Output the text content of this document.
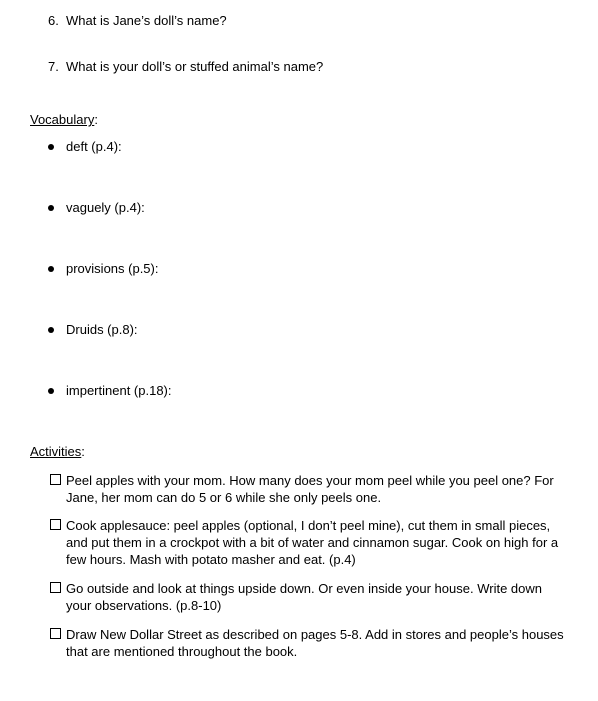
6. What is Jane’s doll’s name?
7. What is your doll’s or stuffed animal’s name?
Vocabulary:
deft (p.4):
vaguely (p.4):
provisions (p.5):
Druids (p.8):
impertinent (p.18):
Activities:
Peel apples with your mom. How many does your mom peel while you peel one? For Jane, her mom can do 5 or 6 while she only peels one.
Cook applesauce: peel apples (optional, I don’t peel mine), cut them in small pieces, and put them in a crockpot with a bit of water and cinnamon sugar. Cook on high for a few hours. Mash with potato masher and eat. (p.4)
Go outside and look at things upside down. Or even inside your house. Write down your observations. (p.8-10)
Draw New Dollar Street as described on pages 5-8. Add in stores and people’s houses that are mentioned throughout the book.
